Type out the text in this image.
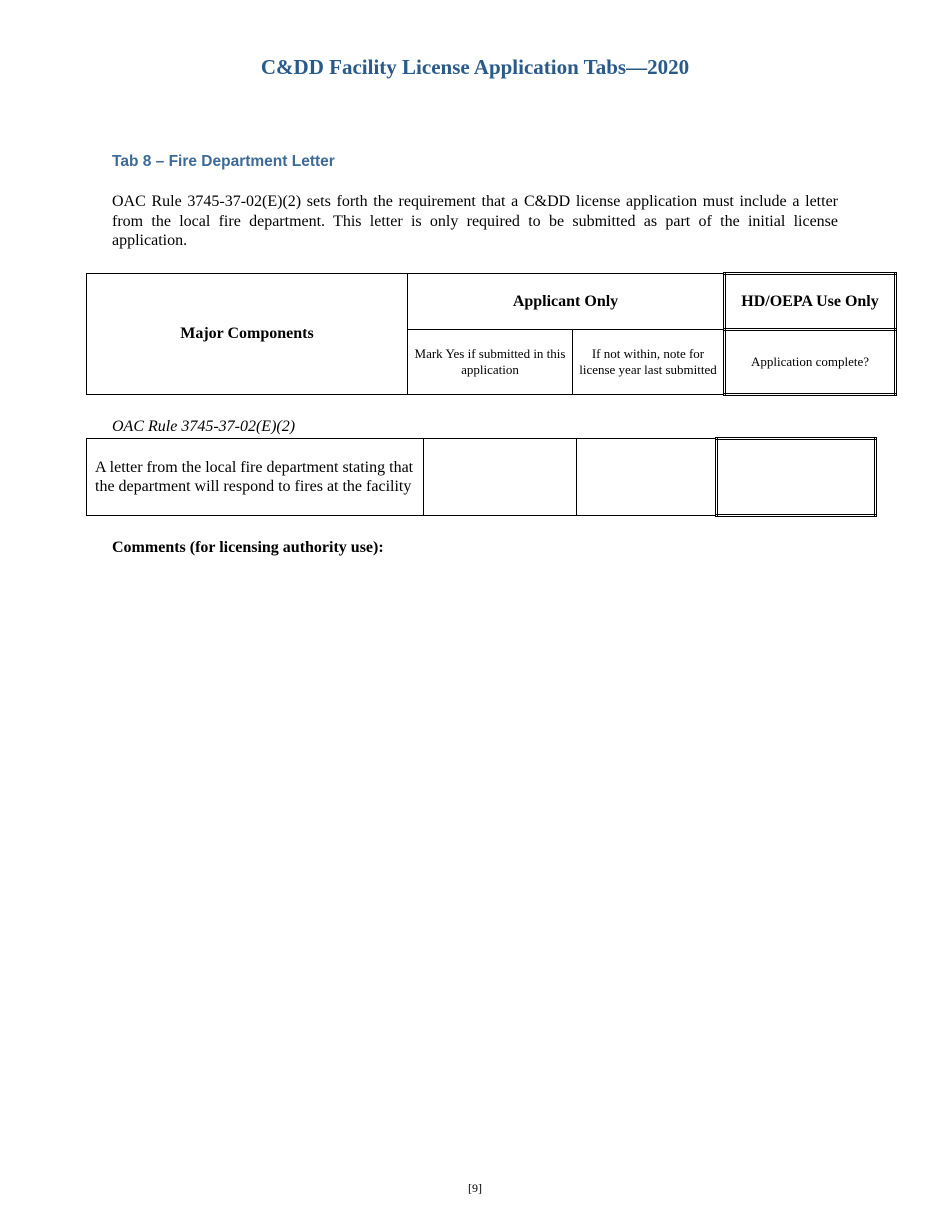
C&DD Facility License Application Tabs—2020
Tab 8 – Fire Department Letter

OAC Rule 3745-37-02(E)(2) sets forth the requirement that a C&DD license application must include a letter from the local fire department. This letter is only required to be submitted as part of the initial license application.

Major Components	Applicant Only		HD/OEPA Use Only
	Mark Yes if submitted in this application	If not within, note for license year last submitted	Application complete?
OAC Rule 3745-37-02(E)(2)
A letter from the local fire department stating that the department will respond to fires at the facility			
Comments (for licensing authority use):
[9]
